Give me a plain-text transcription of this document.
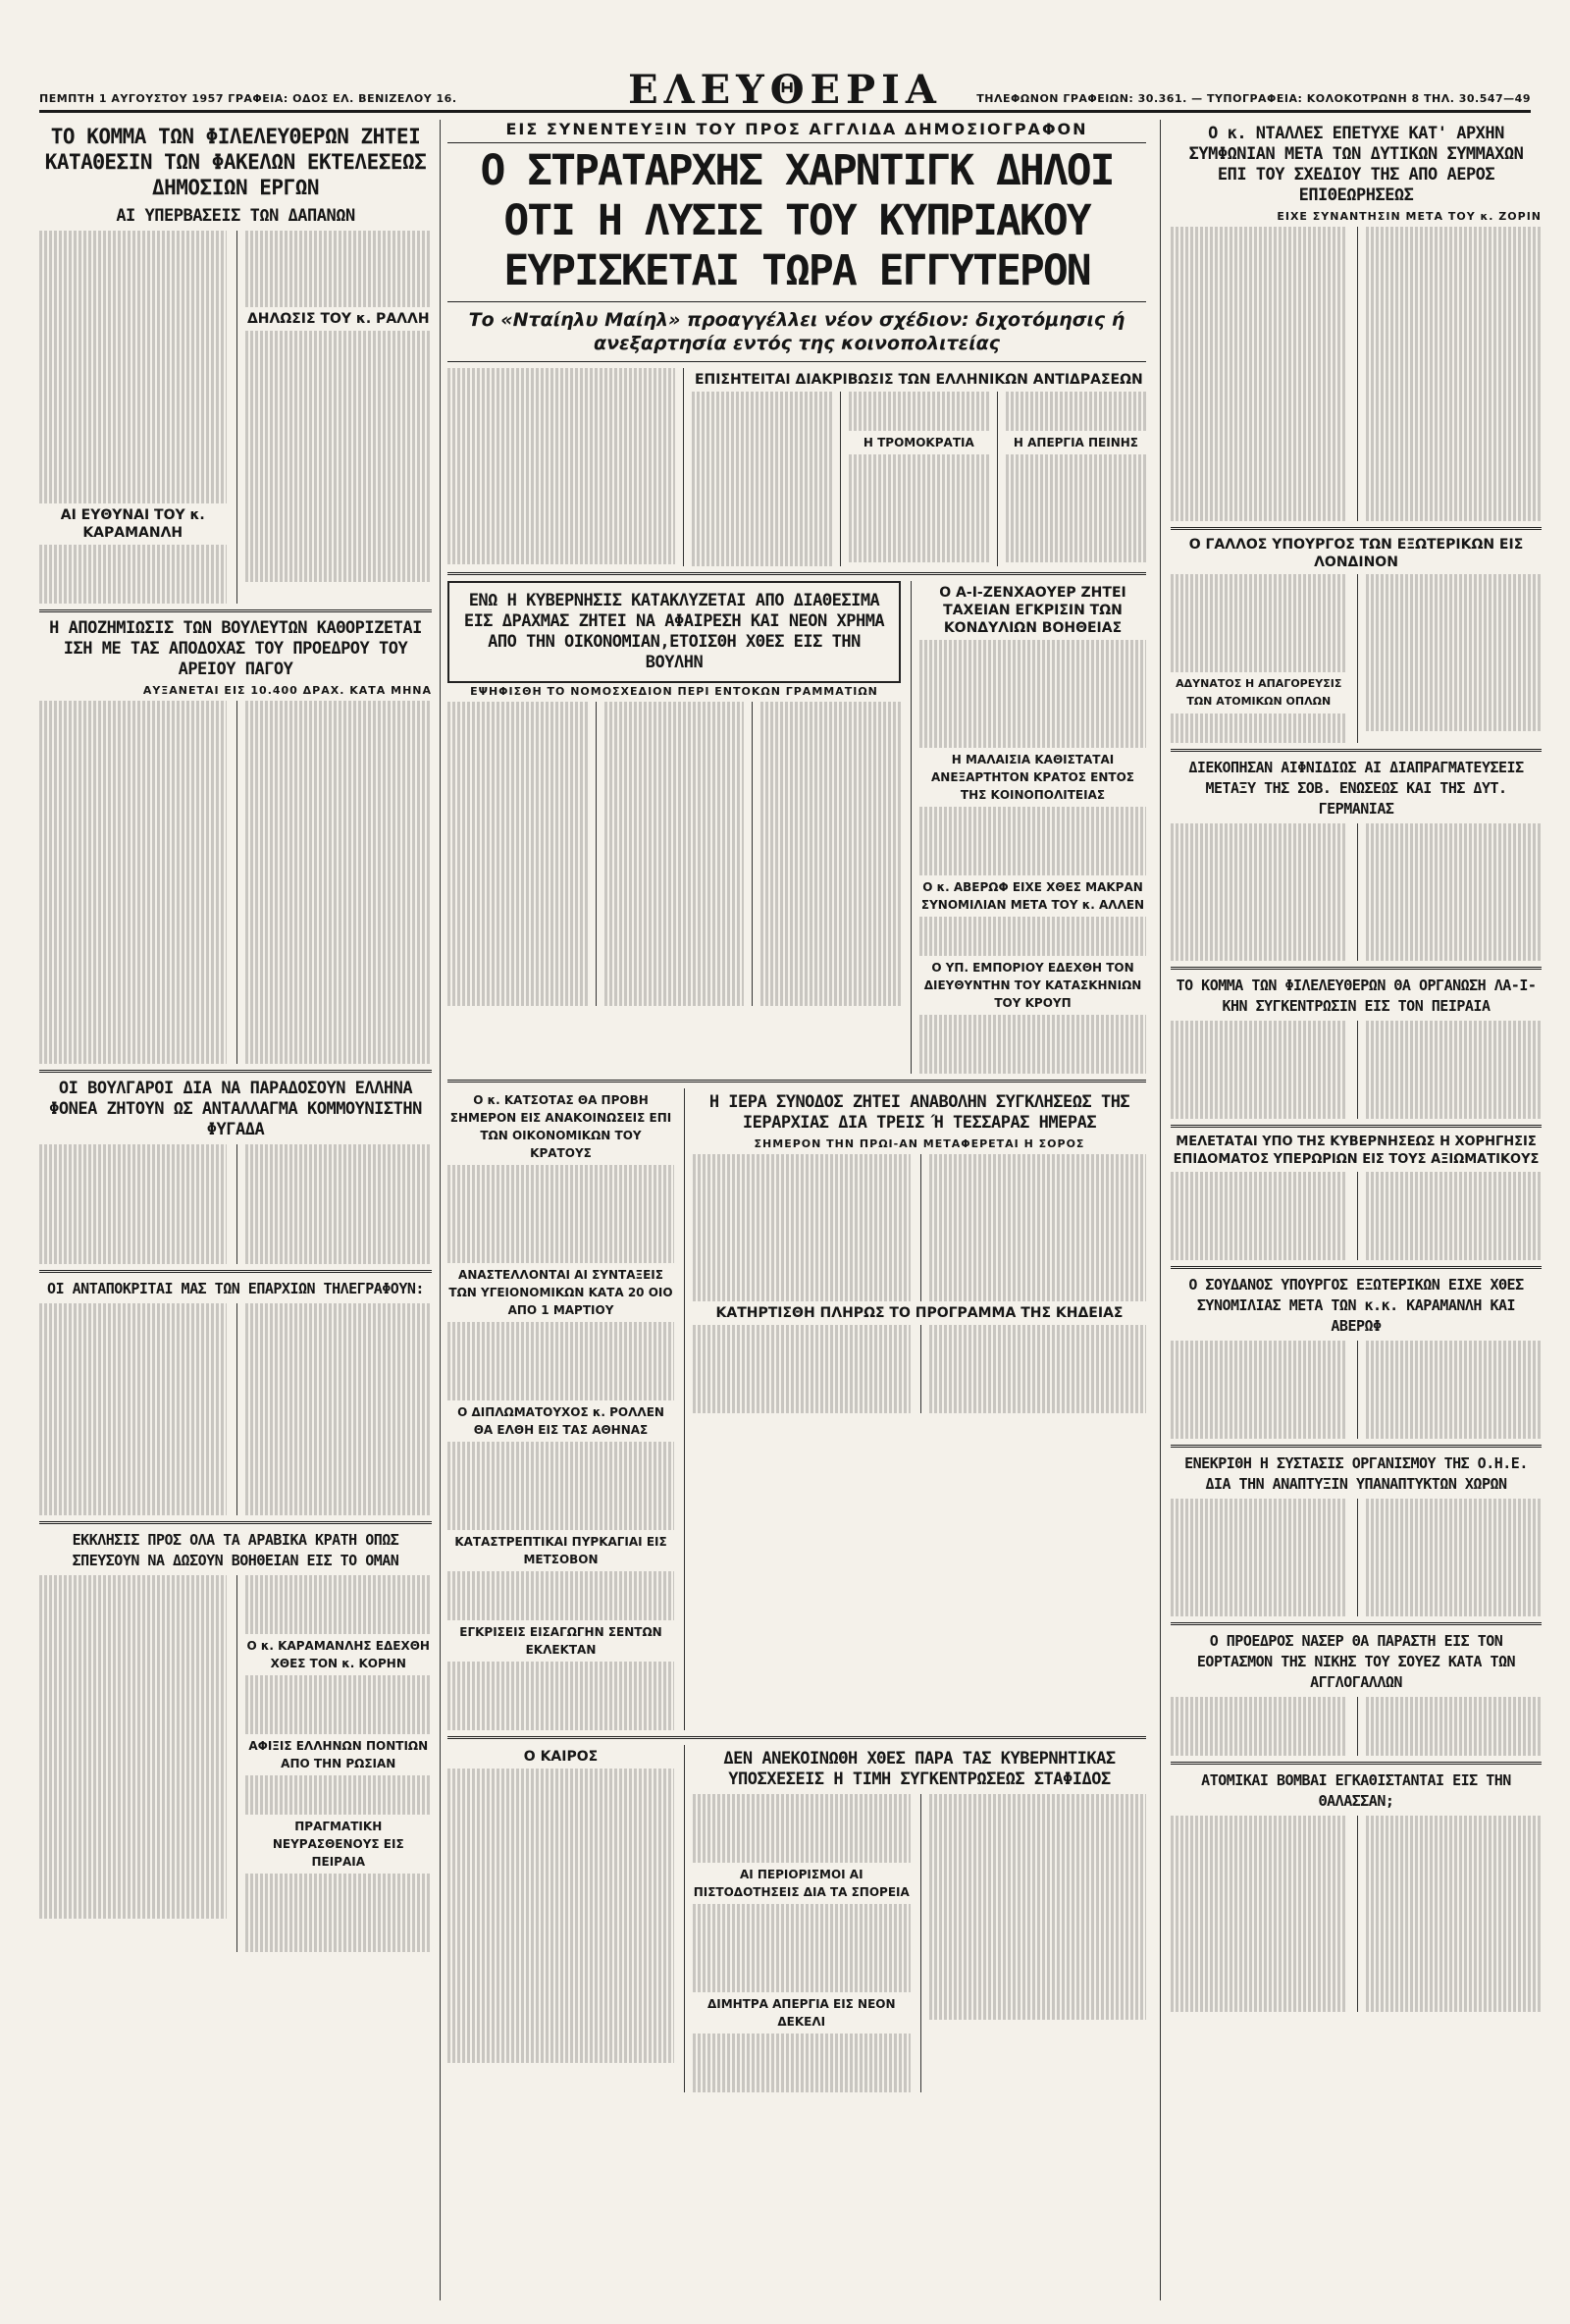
ΠΕΜΠΤΗ 1 ΑΥΓΟΥΣΤΟΥ 1957 ΓΡΑΦΕΙΑ: ΟΔΟΣ ΕΛ. ΒΕΝΙΖΕΛΟΥ 16.	ΕΛΕΥΘΕΡΙΑ	ΤΗΛΕΦΩΝΟΝ ΓΡΑΦΕΙΩΝ: 30.361. — ΤΥΠΟΓΡΑΦΕΙΑ: ΚΟΛΟΚΟΤΡΩΝΗ 8 ΤΗΛ. 30.547—49
ΤΟ ΚΟΜΜΑ ΤΩΝ ΦΙΛΕΛΕΥΘΕΡΩΝ ΖΗΤΕΙ ΚΑΤΑΘΕΣΙΝ ΤΩΝ ΦΑΚΕΛΩΝ ΕΚΤΕΛΕΣΕΩΣ ΔΗΜΟΣΙΩΝ ΕΡΓΩΝ
ΑΙ ΥΠΕΡΒΑΣΕΙΣ ΤΩΝ ΔΑΠΑΝΩΝ
ΔΗΛΩΣΙΣ ΤΟΥ κ. ΡΑΛΛΗ
ΑΙ ΕΥΘΥΝΑΙ ΤΟΥ κ. ΚΑΡΑΜΑΝΛΗ
Η ΑΠΟΖΗΜΙΩΣΙΣ ΤΩΝ ΒΟΥΛΕΥΤΩΝ ΚΑΘΟΡΙΖΕΤΑΙ ΙΣΗ ΜΕ ΤΑΣ ΑΠΟΔΟΧΑΣ ΤΟΥ ΠΡΟΕΔΡΟΥ ΤΟΥ ΑΡΕΙΟΥ ΠΑΓΟΥ
ΑΥΞΑΝΕΤΑΙ ΕΙΣ 10.400 ΔΡΑΧ. ΚΑΤΑ ΜΗΝΑ
ΟΙ ΒΟΥΛΓΑΡΟΙ ΔΙΑ ΝΑ ΠΑΡΑΔΟΣΟΥΝ ΕΛΛΗΝΑ ΦΟΝΕΑ ΖΗΤΟΥΝ ΩΣ ΑΝΤΑΛΛΑΓΜΑ ΚΟΜΜΟΥΝΙΣΤΗΝ ΦΥΓΑΔΑ
ΟΙ ΑΝΤΑΠΟΚΡΙΤΑΙ ΜΑΣ ΤΩΝ ΕΠΑΡΧΙΩΝ ΤΗΛΕΓΡΑΦΟΥΝ:
ΕΚΚΛΗΣΙΣ ΠΡΟΣ ΟΛΑ ΤΑ ΑΡΑΒΙΚΑ ΚΡΑΤΗ ΟΠΩΣ ΣΠΕΥΣΟΥΝ ΝΑ ΔΩΣΟΥΝ ΒΟΗΘΕΙΑΝ ΕΙΣ ΤΟ ΟΜΑΝ
Ο κ. ΚΑΡΑΜΑΝΛΗΣ ΕΔΕΧΘΗ ΧΘΕΣ ΤΟΝ κ. ΚΟΡΗΝ
ΑΦΙΞΙΣ ΕΛΛΗΝΩΝ ΠΟΝΤΙΩΝ ΑΠΟ ΤΗΝ ΡΩΣΙΑΝ
ΠΡΑΓΜΑΤΙΚΗ ΝΕΥΡΑΣΘΕΝΟΥΣ ΕΙΣ ΠΕΙΡΑΙΑ
ΕΙΣ ΣΥΝΕΝΤΕΥΞΙΝ ΤΟΥ ΠΡΟΣ ΑΓΓΛΙΔΑ ΔΗΜΟΣΙΟΓΡΑΦΟΝ
Ο ΣΤΡΑΤΑΡΧΗΣ ΧΑΡΝΤΙΓΚ ΔΗΛΟΙ
ΟΤΙ Η ΛΥΣΙΣ ΤΟΥ ΚΥΠΡΙΑΚΟΥ
ΕΥΡΙΣΚΕΤΑΙ ΤΩΡΑ ΕΓΓΥΤΕΡΟΝ
Το «Νταίηλυ Μαίηλ» προαγγέλλει νέον σχέδιον: διχοτόμησις ή ανεξαρτησία εντός της κοινοπολιτείας
ΕΠΙΣΗΤΕΙΤΑΙ ΔΙΑΚΡΙΒΩΣΙΣ ΤΩΝ ΕΛΛΗΝΙΚΩΝ ΑΝΤΙΔΡΑΣΕΩΝ
Η ΤΡΟΜΟΚΡΑΤΙΑ	Η ΑΠΕΡΓΙΑ ΠΕΙΝΗΣ
ΕΝΩ Η ΚΥΒΕΡΝΗΣΙΣ ΚΑΤΑΚΛΥΖΕΤΑΙ ΑΠΟ ΔΙΑΘΕΣΙΜΑ ΕΙΣ ΔΡΑΧΜΑΣ ΖΗΤΕΙ ΝΑ ΑΦΑΙΡΕΣΗ ΚΑΙ ΝΕΟΝ ΧΡΗΜΑ ΑΠΟ ΤΗΝ ΟΙΚΟΝΟΜΙΑΝ,ΕΤΟΙΣΘΗ ΧΘΕΣ ΕΙΣ ΤΗΝ ΒΟΥΛΗΝ
ΕΨΗΦΙΣΘΗ ΤΟ ΝΟΜΟΣΧΕΔΙΟΝ ΠΕΡΙ ΕΝΤΟΚΩΝ ΓΡΑΜΜΑΤΙΩΝ
Ο Α-Ι-ΖΕΝΧΑΟΥΕΡ ΖΗΤΕΙ ΤΑΧΕΙΑΝ ΕΓΚΡΙΣΙΝ ΤΩΝ ΚΟΝΔΥΛΙΩΝ ΒΟΗΘΕΙΑΣ
Η ΜΑΛΑΙΣΙΑ ΚΑΘΙΣΤΑΤΑΙ ΑΝΕΞΑΡΤΗΤΟΝ ΚΡΑΤΟΣ ΕΝΤΟΣ ΤΗΣ ΚΟΙΝΟΠΟΛΙΤΕΙΑΣ
Ο κ. ΑΒΕΡΩΦ ΕΙΧΕ ΧΘΕΣ ΜΑΚΡΑΝ ΣΥΝΟΜΙΛΙΑΝ ΜΕΤΑ ΤΟΥ κ. ΑΛΛΕΝ
Ο ΥΠ. ΕΜΠΟΡΙΟΥ ΕΔΕΧΘΗ ΤΟΝ ΔΙΕΥΘΥΝΤΗΝ ΤΟΥ ΚΑΤΑΣΚΗΝΙΩΝ ΤΟΥ ΚΡΟΥΠ
Ο κ. ΚΑΤΣΟΤΑΣ ΘΑ ΠΡΟΒΗ ΣΗΜΕΡΟΝ ΕΙΣ ΑΝΑΚΟΙΝΩΣΕΙΣ ΕΠΙ ΤΩΝ ΟΙΚΟΝΟΜΙΚΩΝ ΤΟΥ ΚΡΑΤΟΥΣ
ΑΝΑΣΤΕΛΛΟΝΤΑΙ ΑΙ ΣΥΝΤΑΞΕΙΣ ΤΩΝ ΥΓΕΙΟΝΟΜΙΚΩΝ ΚΑΤΑ 20 ΟΙΟ ΑΠΟ 1 ΜΑΡΤΙΟΥ
Ο ΔΙΠΛΩΜΑΤΟΥΧΟΣ κ. ΡΟΛΛΕΝ ΘΑ ΕΛΘΗ ΕΙΣ ΤΑΣ ΑΘΗΝΑΣ
ΚΑΤΑΣΤΡΕΠΤΙΚΑΙ ΠΥΡΚΑΓΙΑΙ ΕΙΣ ΜΕΤΣΟΒΟΝ
ΕΓΚΡΙΣΕΙΣ ΕΙΣΑΓΩΓΗΝ ΣΕΝΤΩΝ ΕΚΛΕΚΤΑΝ
Η ΙΕΡΑ ΣΥΝΟΔΟΣ ΖΗΤΕΙ ΑΝΑΒΟΛΗΝ ΣΥΓΚΛΗΣΕΩΣ ΤΗΣ ΙΕΡΑΡΧΙΑΣ ΔΙΑ ΤΡΕΙΣ Ή ΤΕΣΣΑΡΑΣ ΗΜΕΡΑΣ
ΣΗΜΕΡΟΝ ΤΗΝ ΠΡΩΙ-ΑΝ ΜΕΤΑΦΕΡΕΤΑΙ Η ΣΟΡΟΣ
ΚΑΤΗΡΤΙΣΘΗ ΠΛΗΡΩΣ ΤΟ ΠΡΟΓΡΑΜΜΑ ΤΗΣ ΚΗΔΕΙΑΣ
Ο ΚΑΙΡΟΣ	ΔΕΝ ΑΝΕΚΟΙΝΩΘΗ ΧΘΕΣ ΠΑΡΑ ΤΑΣ ΚΥΒΕΡΝΗΤΙΚΑΣ ΥΠΟΣΧΕΣΕΙΣ Η ΤΙΜΗ ΣΥΓΚΕΝΤΡΩΣΕΩΣ ΣΤΑΦΙΔΟΣ
ΑΙ ΠΕΡΙΟΡΙΣΜΟΙ ΑΙ ΠΙΣΤΟΔΟΤΗΣΕΙΣ ΔΙΑ ΤΑ ΣΠΟΡΕΙΑ
ΔΙΜΗΤΡΑ ΑΠΕΡΓΙΑ ΕΙΣ ΝΕΟΝ ΔΕΚΕΛΙ
Ο κ. ΝΤΑΛΛΕΣ ΕΠΕΤΥΧΕ ΚΑΤ' ΑΡΧΗΝ ΣΥΜΦΩΝΙΑΝ ΜΕΤΑ ΤΩΝ ΔΥΤΙΚΩΝ ΣΥΜΜΑΧΩΝ ΕΠΙ ΤΟΥ ΣΧΕΔΙΟΥ ΤΗΣ ΑΠΟ ΑΕΡΟΣ ΕΠΙΘΕΩΡΗΣΕΩΣ
ΕΙΧΕ ΣΥΝΑΝΤΗΣΙΝ ΜΕΤΑ ΤΟΥ κ. ΖΟΡΙΝ
Ο ΓΑΛΛΟΣ ΥΠΟΥΡΓΟΣ ΤΩΝ ΕΞΩΤΕΡΙΚΩΝ ΕΙΣ ΛΟΝΔΙΝΟΝ
ΑΔΥΝΑΤΟΣ Η ΑΠΑΓΟΡΕΥΣΙΣ ΤΩΝ ΑΤΟΜΙΚΩΝ ΟΠΛΩΝ
ΔΙΕΚΟΠΗΣΑΝ ΑΙΦΝΙΔΙΩΣ ΑΙ ΔΙΑΠΡΑΓΜΑΤΕΥΣΕΙΣ ΜΕΤΑΞΥ ΤΗΣ ΣΟΒ. ΕΝΩΣΕΩΣ ΚΑΙ ΤΗΣ ΔΥΤ. ΓΕΡΜΑΝΙΑΣ
ΤΟ ΚΟΜΜΑ ΤΩΝ ΦΙΛΕΛΕΥΘΕΡΩΝ ΘΑ ΟΡΓΑΝΩΣΗ ΛΑ-Ι-ΚΗΝ ΣΥΓΚΕΝΤΡΩΣΙΝ ΕΙΣ ΤΟΝ ΠΕΙΡΑΙΑ
ΜΕΛΕΤΑΤΑΙ ΥΠΟ ΤΗΣ ΚΥΒΕΡΝΗΣΕΩΣ Η ΧΟΡΗΓΗΣΙΣ ΕΠΙΔΟΜΑΤΟΣ ΥΠΕΡΩΡΙΩΝ ΕΙΣ ΤΟΥΣ ΑΞΙΩΜΑΤΙΚΟΥΣ
Ο ΣΟΥΔΑΝΟΣ ΥΠΟΥΡΓΟΣ ΕΞΩΤΕΡΙΚΩΝ ΕΙΧΕ ΧΘΕΣ ΣΥΝΟΜΙΛΙΑΣ ΜΕΤΑ ΤΩΝ κ.κ. ΚΑΡΑΜΑΝΛΗ ΚΑΙ ΑΒΕΡΩΦ
ΕΝΕΚΡΙΘΗ Η ΣΥΣΤΑΣΙΣ ΟΡΓΑΝΙΣΜΟΥ ΤΗΣ Ο.Η.Ε. ΔΙΑ ΤΗΝ ΑΝΑΠΤΥΞΙΝ ΥΠΑΝΑΠΤΥΚΤΩΝ ΧΩΡΩΝ
Ο ΠΡΟΕΔΡΟΣ ΝΑΣΕΡ ΘΑ ΠΑΡΑΣΤΗ ΕΙΣ ΤΟΝ ΕΟΡΤΑΣΜΟΝ ΤΗΣ ΝΙΚΗΣ ΤΟΥ ΣΟΥΕΖ ΚΑΤΑ ΤΩΝ ΑΓΓΛΟΓΑΛΛΩΝ
ΑΤΟΜΙΚΑΙ ΒΟΜΒΑΙ ΕΓΚΑΘΙΣΤΑΝΤΑΙ ΕΙΣ ΤΗΝ ΘΑΛΑΣΣΑΝ;
